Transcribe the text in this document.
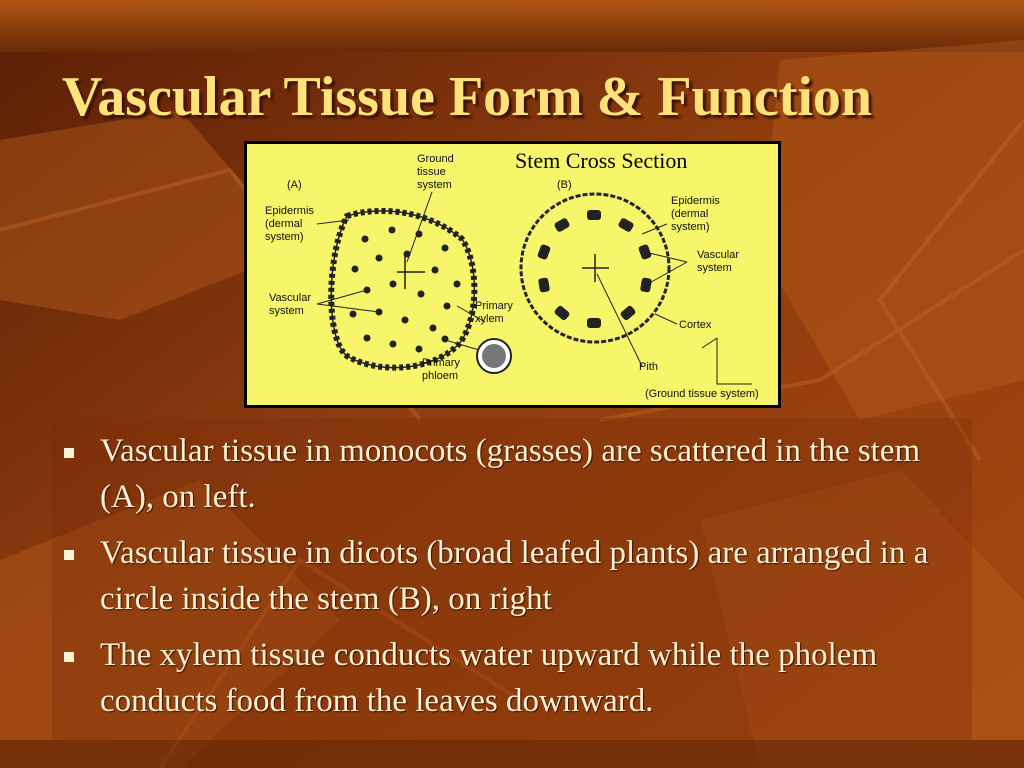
Vascular Tissue Form & Function
(A)	(B)
Ground
tissue
system
Epidermis
(dermal
system)
Vascular
system	Primary
xylem
Primary
phloem
Epidermis
(dermal
system)
Vascular
system
Cortex
Pith
(Ground tissue system)
Stem Cross Section
Vascular tissue in monocots (grasses) are scattered in the stem (A), on left.
Vascular tissue in dicots (broad leafed plants) are arranged in a circle inside the stem (B), on right
The xylem tissue conducts water upward while the pholem conducts food from the leaves downward.
